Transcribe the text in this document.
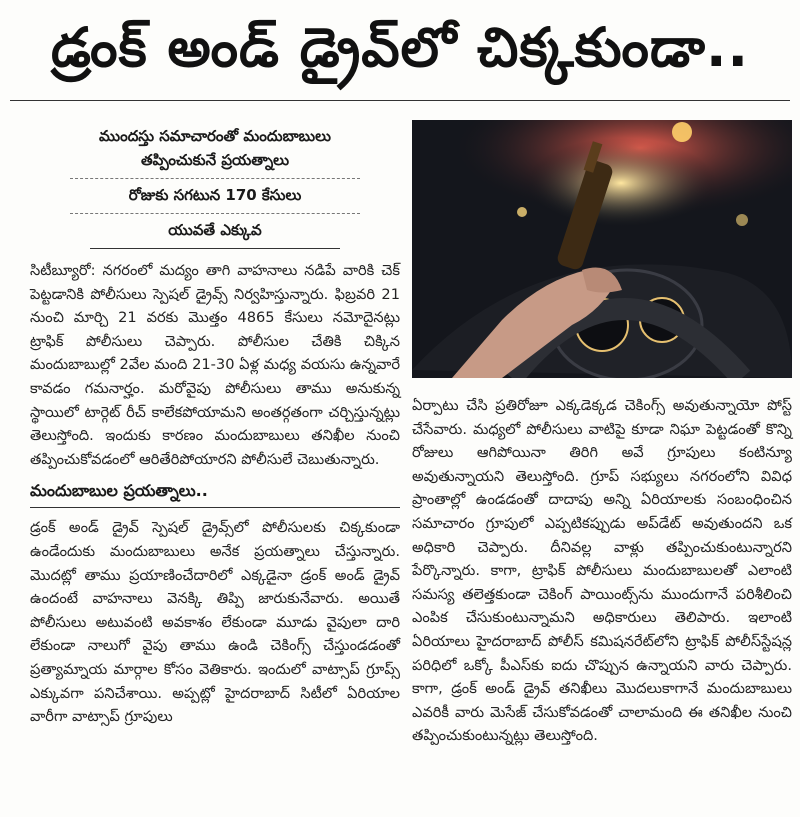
డ్రంక్ అండ్ డ్రైవ్‌లో చిక్కకుండా..
ముందస్తు సమాచారంతో మందుబాబులు తప్పించుకునే ప్రయత్నాలు
రోజుకు సగటున 170 కేసులు
యువతే ఎక్కువ
సిటీబ్యూరో: నగరంలో మద్యం తాగి వాహనాలు నడిపే వారికి చెక్ పెట్టడానికి పోలీసులు స్పెషల్ డ్రైవ్స్ నిర్వహిస్తున్నారు. ఫిబ్రవరి 21 నుంచి మార్చి 21 వరకు మొత్తం 4865 కేసులు నమోదైనట్లు ట్రాఫిక్ పోలీసులు చెప్పారు. పోలీసుల చేతికి చిక్కిన మందుబాబుల్లో 2వేల మంది 21-30 ఏళ్ల మధ్య వయసు ఉన్నవారే కావడం గమనార్హం. మరోవైపు పోలీసులు తాము అనుకున్న స్థాయిలో టార్గెట్ రీచ్ కాలేకపోయామని అంతర్గతంగా చర్చిస్తున్నట్లు తెలుస్తోంది. ఇందుకు కారణం మందుబాబులు తనిఖీల నుంచి తప్పించుకోవడంలో ఆరితేరిపోయారని పోలీసులే చెబుతున్నారు.
మందుబాబుల ప్రయత్నాలు..
డ్రంక్ అండ్ డ్రైవ్ స్పెషల్ డ్రైవ్స్‌లో పోలీసులకు చిక్కకుండా ఉండేందుకు మందుబాబులు అనేక ప్రయత్నాలు చేస్తున్నారు. మొదట్లో తాము ప్రయాణించేదారిలో ఎక్కడైనా డ్రంక్ అండ్ డ్రైవ్ ఉందంటే వాహనాలు వెనక్కి తిప్పి జారుకునేవారు. అయితే పోలీసులు అటువంటి అవకాశం లేకుండా మూడు వైపులా దారి లేకుండా నాలుగో వైపు తాము ఉండి చెకింగ్స్ చేస్తుండడంతో ప్రత్యామ్నాయ మార్గాల కోసం వెతికారు. ఇందులో వాట్సాప్ గ్రూప్స్ ఎక్కువగా పనిచేశాయి. అప్పట్లో హైదరాబాద్ సిటీలో ఏరియాల వారీగా వాట్సాప్ గ్రూపులు
ఏర్పాటు చేసి ప్రతిరోజూ ఎక్కడెక్కడ చెకింగ్స్ అవుతున్నాయో పోస్ట్ చేసేవారు. మధ్యలో పోలీసులు వాటిపై కూడా నిఘా పెట్టడంతో కొన్ని రోజులు ఆగిపోయినా తిరిగి అవే గ్రూపులు కంటిన్యూ అవుతున్నాయని తెలుస్తోంది. గ్రూప్ సభ్యులు నగరంలోని వివిధ ప్రాంతాల్లో ఉండడంతో దాదాపు అన్ని ఏరియాలకు సంబంధించిన సమాచారం గ్రూపులో ఎప్పటికప్పుడు అప్‌డేట్ అవుతుందని ఒక అధికారి చెప్పారు. దీనివల్ల వాళ్లు తప్పించుకుంటున్నారని పేర్కొన్నారు. కాగా, ట్రాఫిక్ పోలీసులు మందుబాబులతో ఎలాంటి సమస్య తలెత్తకుండా చెకింగ్ పాయింట్స్‌ను ముందుగానే పరిశీలించి ఎంపిక చేసుకుంటున్నామని అధికారులు తెలిపారు. ఇలాంటి ఏరియాలు హైదరాబాద్ పోలీస్ కమిషనరేట్‌లోని ట్రాఫిక్ పోలీస్‌స్టేషన్ల పరిధిలో ఒక్కో పీఎస్‌కు ఐదు చొప్పున ఉన్నాయని వారు చెప్పారు. కాగా, డ్రంక్ అండ్ డ్రైవ్ తనిఖీలు మొదలుకాగానే మందుబాబులు ఎవరికీ వారు మెసేజ్ చేసుకోవడంతో చాలామంది ఈ తనిఖీల నుంచి తప్పించుకుంటున్నట్లు తెలుస్తోంది.
